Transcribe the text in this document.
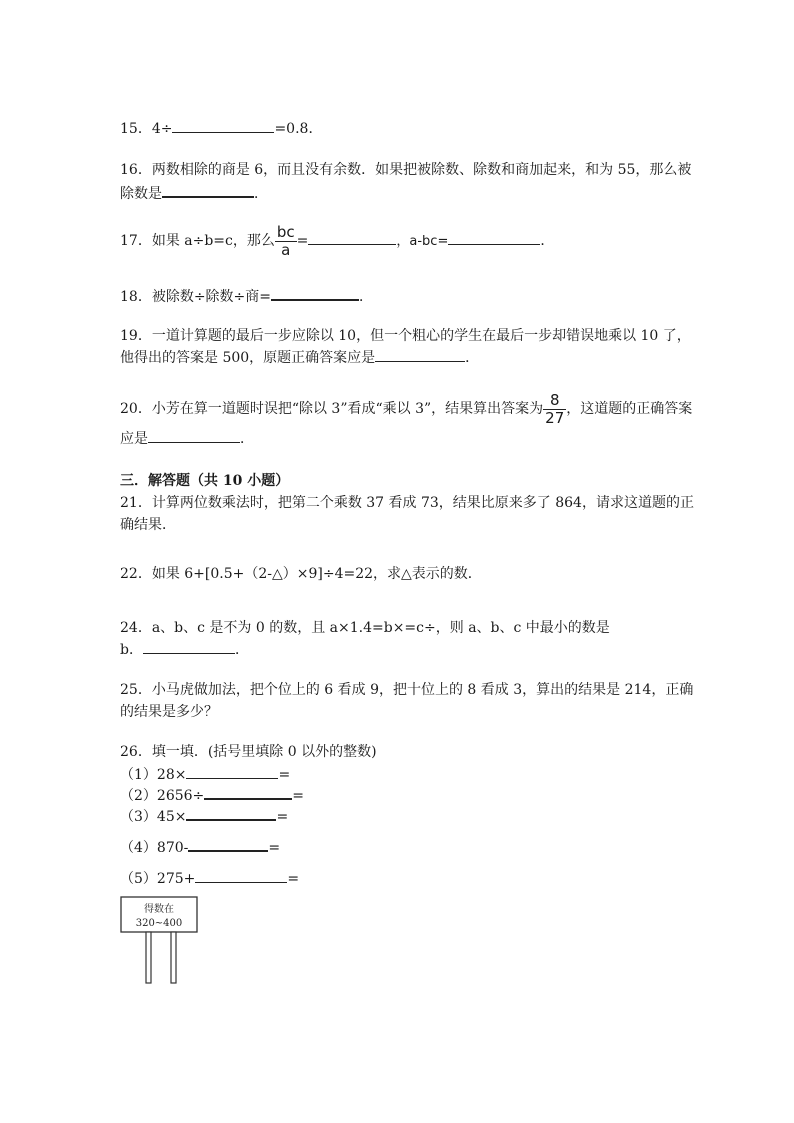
15．4÷	=0.8．
16．两数相除的商是 6，而且没有余数．如果把被除数、除数和商加起来，和为 55，那么被
除数是	．
17．如果 a÷b=c，那么 $\frac{bc}{a}$ =	，a-bc=	．
18．被除数÷除数÷商=	．
19．一道计算题的最后一步应除以 10，但一个粗心的学生在最后一步却错误地乘以 10 了，
他得出的答案是 500，原题正确答案应是	．
20．小芳在算一道题时误把“除以 3”看成“乘以 3”，结果算出答案为 $\frac{8}{27}$ ，这道题的正确答案
应是	．
三．解答题（共 10 小题）
21．计算两位数乘法时，把第二个乘数 37 看成 73，结果比原来多了 864，请求这道题的正
确结果．
22．如果 6+[0.5+（2-△）×9]÷4=22，求△表示的数．
24．a、b、c 是不为 0 的数，且 a×1.4=b×=c÷，则 a、b、c 中最小的数是
b．	．
25．小马虎做加法，把个位上的 6 看成 9，把十位上的 8 看成 3，算出的结果是 214，正确
的结果是多少？
26．填一填．(括号里填除 0 以外的整数)
（1）28×	=
（2）2656÷	=
（3）45×	=
（4）870-	=
（5）275+	=
得数在
320~400
